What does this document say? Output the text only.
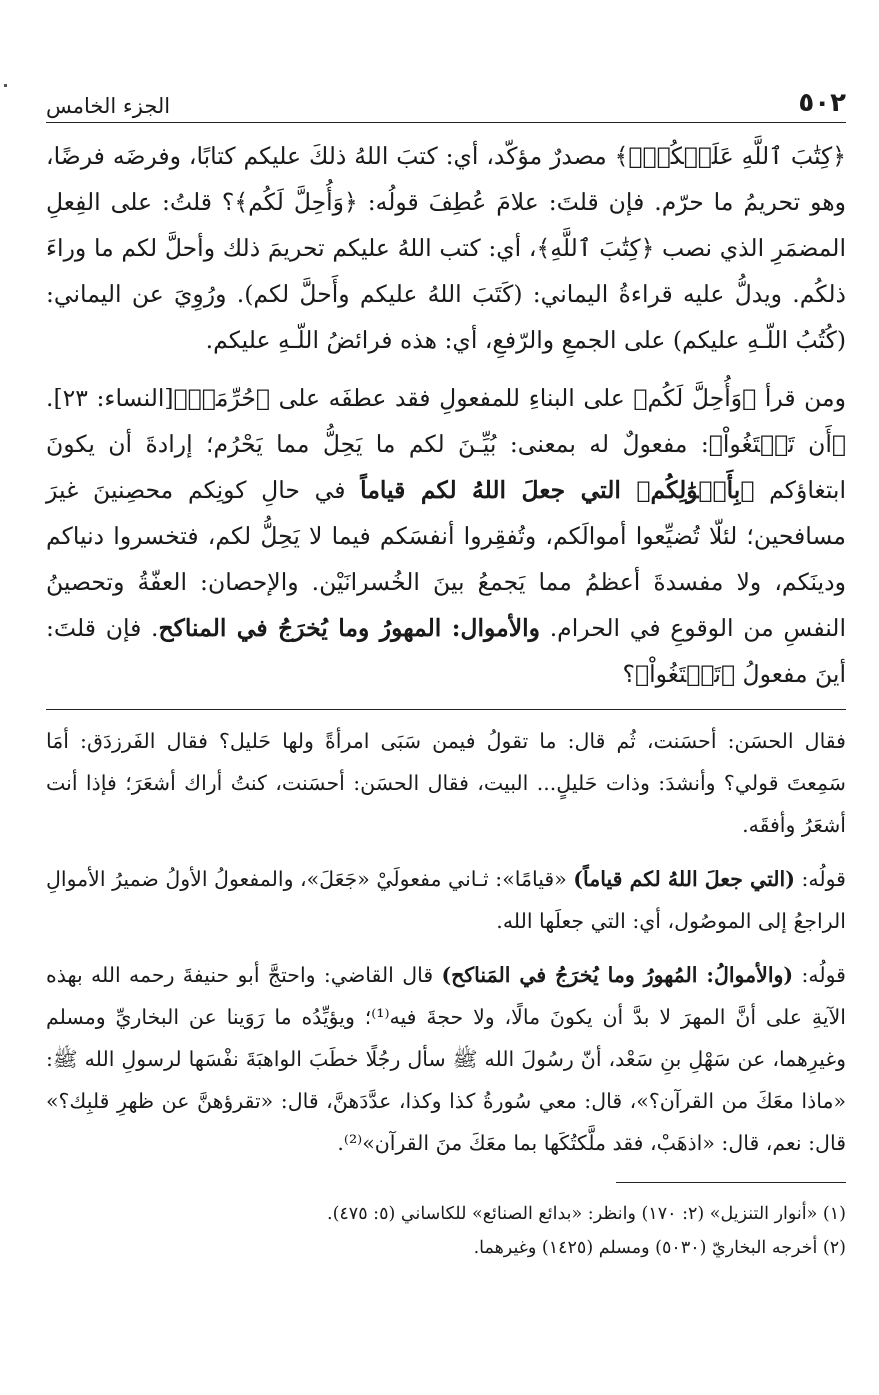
٥٠٢
الجزء الخامس

﴿كِتَٰبَ ٱللَّهِ عَلَيۡكُمۡۚ﴾ مصدرٌ مؤكّد، أي: كتبَ اللهُ ذلكَ عليكم كتابًا، وفرضَه فرضًا، وهو تحريمُ ما حرّم. فإن قلتَ: علامَ عُطِفَ قولُه: ﴿وَأُحِلَّ لَكُم﴾؟ قلتُ: على الفِعلِ المضمَرِ الذي نصب ﴿كِتَٰبَ ٱللَّهِ﴾، أي: كتب اللهُ عليكم تحريمَ ذلك وأحلَّ لكم ما وراءَ ذلكُم. ويدلُّ عليه قراءةُ اليماني: (كَتَبَ اللهُ عليكم وأَحلَّ لكم). ورُوِيَ عن اليماني: (كُتُبُ اللّـهِ عليكم) على الجمعِ والرّفعِ، أي: هذه فرائضُ اللّـهِ عليكم.

ومن قرأ ﴿وَأُحِلَّ لَكُم﴾ على البناءِ للمفعولِ فقد عطفَه على ﴿حُرِّمَتۡ﴾[النساء: ٢٣]. ﴿أَن تَبۡتَغُواْ﴾: مفعولٌ له بمعنى: بُيِّـنَ لكم ما يَحِلُّ مما يَحْرُم؛ إرادةَ أن يكونَ ابتغاؤكم ﴿بِأَمۡوَٰلِكُم﴾ التي جعلَ اللهُ لكم قياماً في حالِ كونِكم محصِنينَ غيرَ مسافحين؛ لئلّا تُضيِّعوا أموالَكم، وتُفقِروا أنفسَكم فيما لا يَحِلُّ لكم، فتخسروا دنياكم ودينَكم، ولا مفسدةَ أعظمُ مما يَجمعُ بينَ الخُسرانَيْن. والإحصان: العفّةُ وتحصينُ النفسِ من الوقوعِ في الحرام. والأموال: المهورُ وما يُخرَجُ في المناكح. فإن قلتَ: أينَ مفعولُ ﴿تَبۡتَغُواْ﴾؟

فقال الحسَن: أحسَنت، ثُم قال: ما تقولُ فيمن سَبَى امرأةً ولها حَليل؟ فقال الفَرزدَق: أمَا سَمِعتَ قولي؟ وأنشدَ: وذات حَليلٍ... البيت، فقال الحسَن: أحسَنت، كنتُ أراك أشعَرَ؛ فإذا أنت أشعَرُ وأفقَه.

قولُه: (التي جعلَ اللهُ لكم قياماً) «قيامًا»: ثـاني مفعولَيْ «جَعَلَ»، والمفعولُ الأولُ ضميرُ الأموالِ الراجعُ إلى الموصُول، أي: التي جعلَها الله.

قولُه: (والأموالُ: المُهورُ وما يُخرَجُ في المَناكح) قال القاضي: واحتجَّ أبو حنيفةَ رحمه الله بهذه الآيةِ على أنَّ المهرَ لا بدَّ أن يكونَ مالًا، ولا حجةَ فيه⁽¹⁾؛ ويؤيِّدُه ما رَوَينا عن البخاريِّ ومسلم وغيرِهما، عن سَهْلِ بنِ سَعْد، أنّ رسُولَ الله ﷺ سأل رجُلًا خطَبَ الواهبَةَ نفْسَها لرسولِ الله ﷺ: «ماذا معَكَ من القرآن؟»، قال: معي سُورةُ كذا وكذا، عدَّدَهنَّ، قال: «تقرؤهنَّ عن ظهرِ قلبِك؟» قال: نعم، قال: «اذهَبْ، فقد ملَّكتُكَها بما معَكَ منَ القرآن»⁽²⁾.

(١) «أنوار التنزيل» (٢: ١٧٠) وانظر: «بدائع الصنائع» للكاساني (٥: ٤٧٥).

(٢) أخرجه البخاريّ (٥٠٣٠) ومسلم (١٤٢٥) وغيرهما.
